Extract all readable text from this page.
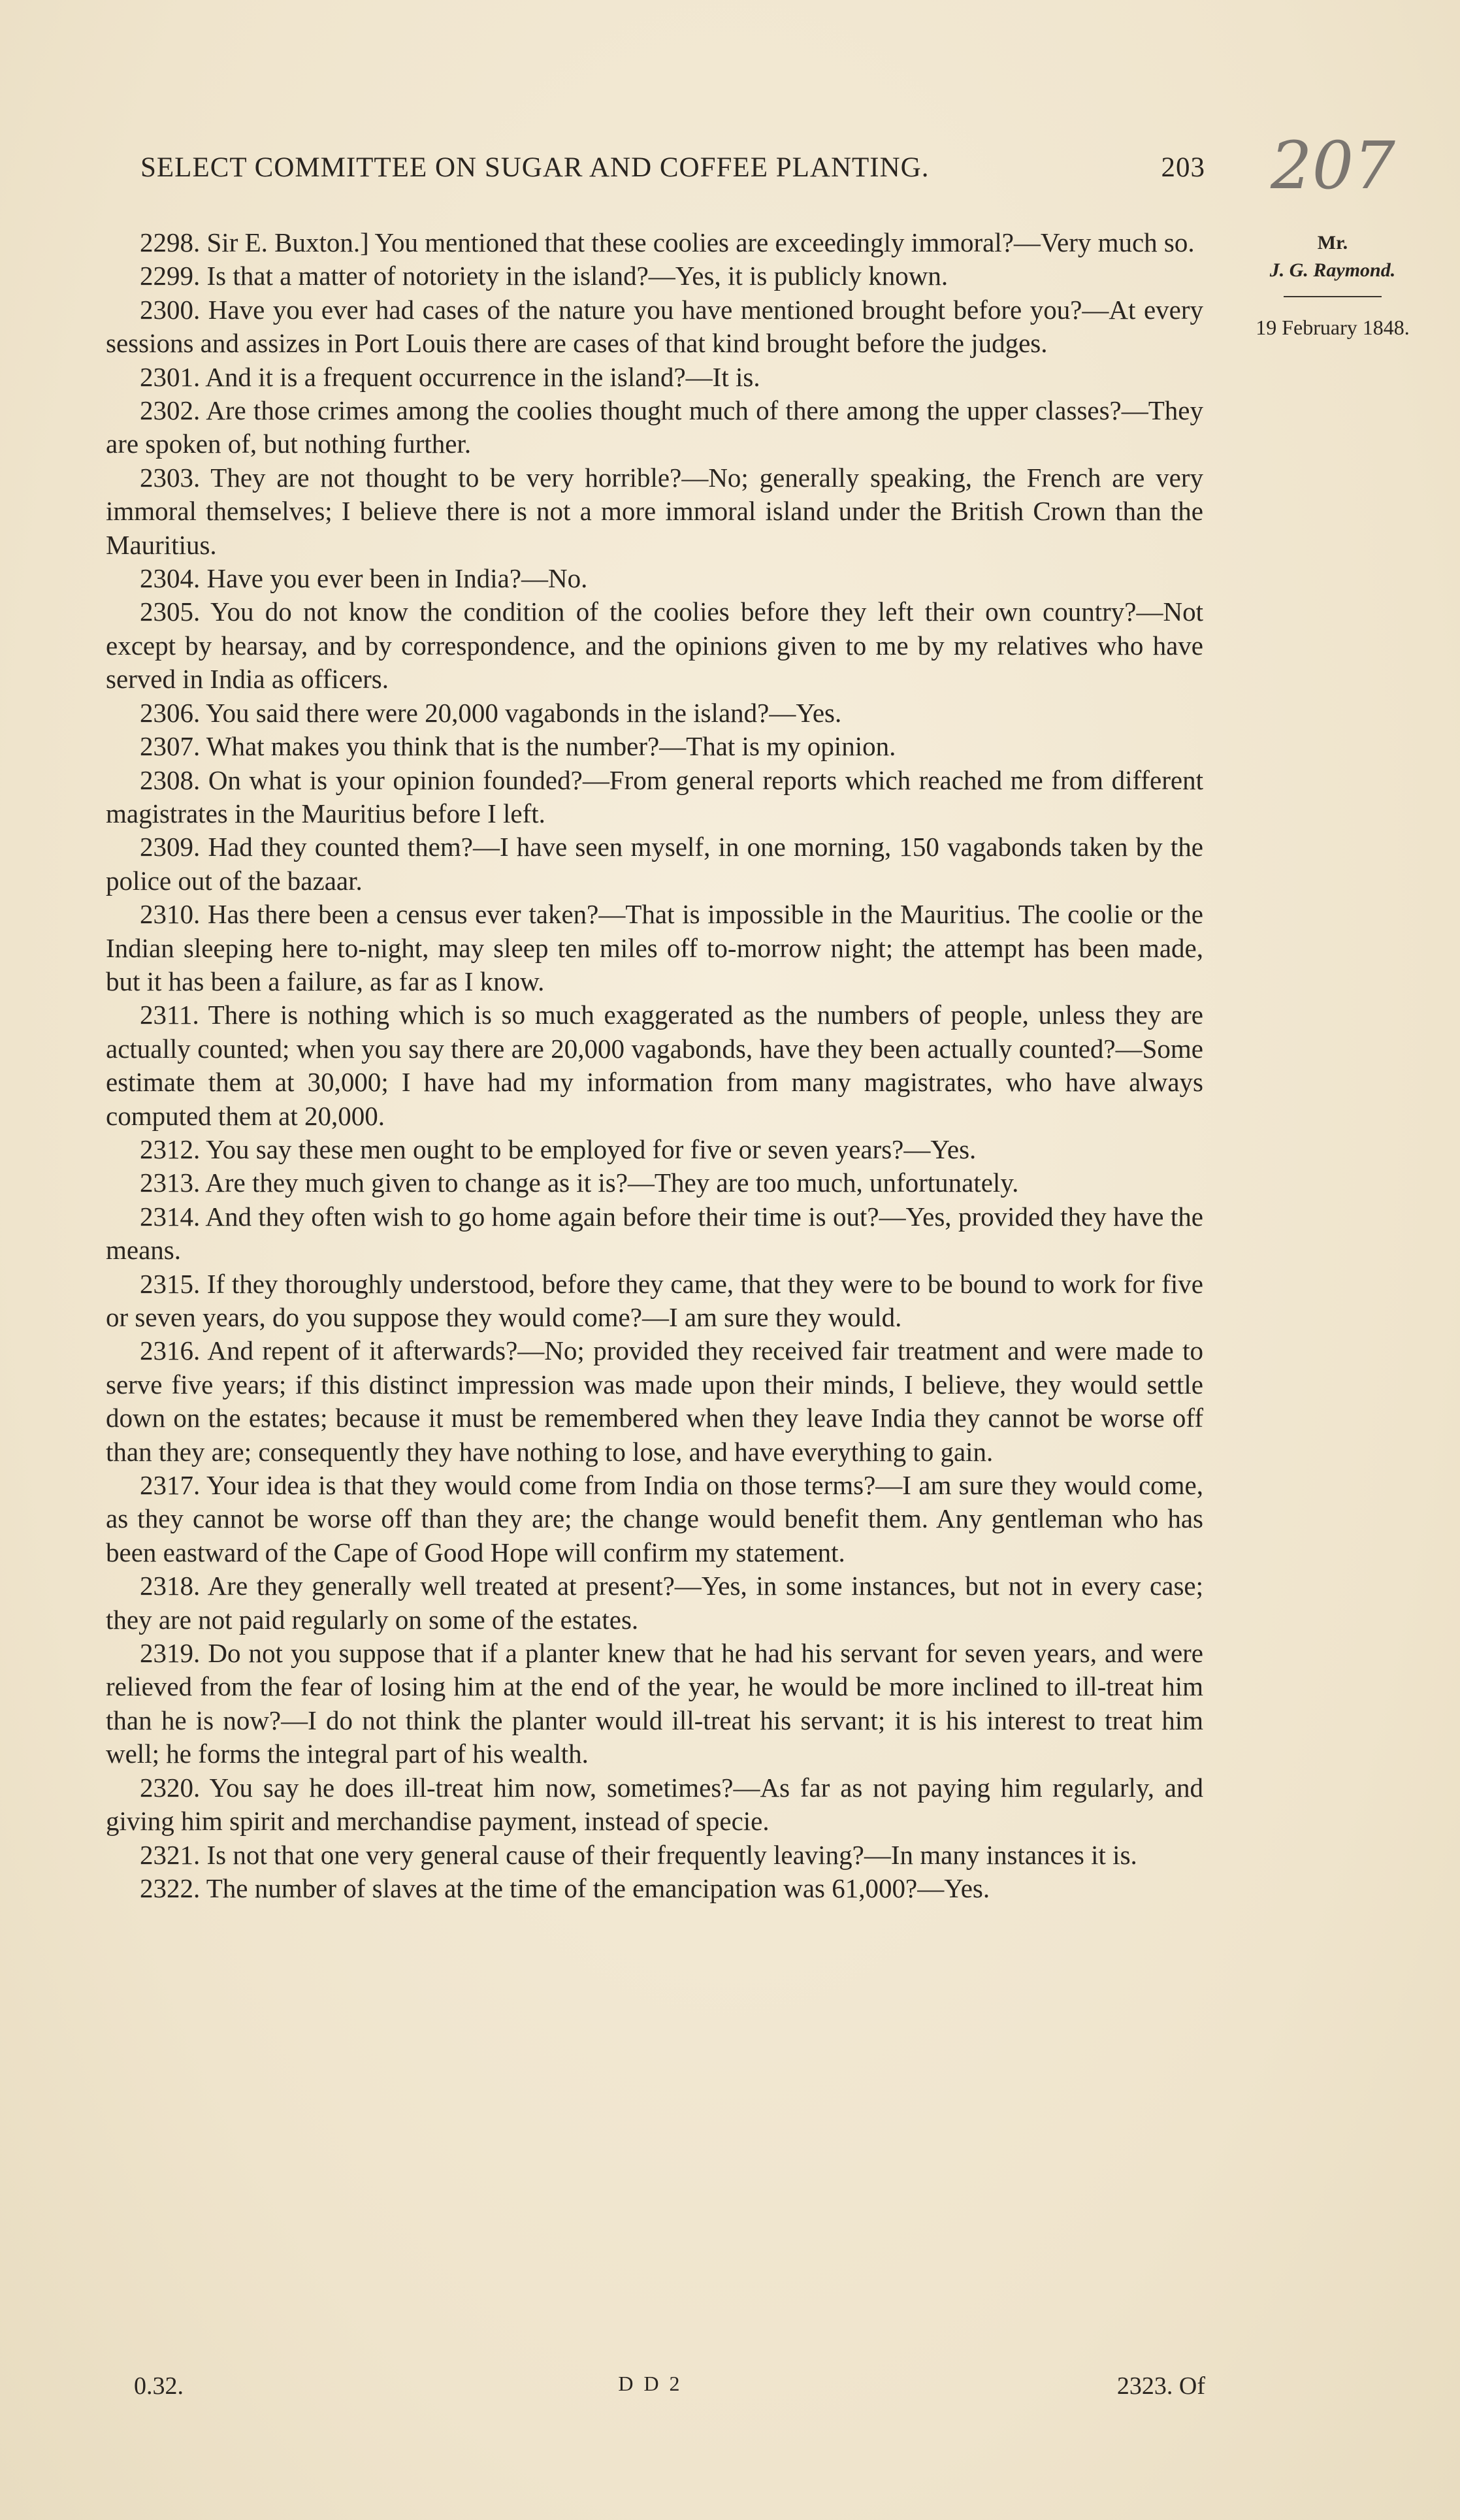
SELECT COMMITTEE ON SUGAR AND COFFEE PLANTING.	203 207
Mr.
J. G. Raymond.
19 February 1848.

2298. Sir E. Buxton.] You mentioned that these coolies are exceedingly immoral?—Very much so.

2299. Is that a matter of notoriety in the island?—Yes, it is publicly known.

2300. Have you ever had cases of the nature you have mentioned brought before you?—At every sessions and assizes in Port Louis there are cases of that kind brought before the judges.

2301. And it is a frequent occurrence in the island?—It is.

2302. Are those crimes among the coolies thought much of there among the upper classes?—They are spoken of, but nothing further.

2303. They are not thought to be very horrible?—No; generally speaking, the French are very immoral themselves; I believe there is not a more immoral island under the British Crown than the Mauritius.

2304. Have you ever been in India?—No.

2305. You do not know the condition of the coolies before they left their own country?—Not except by hearsay, and by correspondence, and the opinions given to me by my relatives who have served in India as officers.

2306. You said there were 20,000 vagabonds in the island?—Yes.

2307. What makes you think that is the number?—That is my opinion.

2308. On what is your opinion founded?—From general reports which reached me from different magistrates in the Mauritius before I left.

2309. Had they counted them?—I have seen myself, in one morning, 150 vagabonds taken by the police out of the bazaar.

2310. Has there been a census ever taken?—That is impossible in the Mauritius. The coolie or the Indian sleeping here to-night, may sleep ten miles off to-morrow night; the attempt has been made, but it has been a failure, as far as I know.

2311. There is nothing which is so much exaggerated as the numbers of people, unless they are actually counted; when you say there are 20,000 vagabonds, have they been actually counted?—Some estimate them at 30,000; I have had my information from many magistrates, who have always computed them at 20,000.

2312. You say these men ought to be employed for five or seven years?—Yes.

2313. Are they much given to change as it is?—They are too much, unfortunately.

2314. And they often wish to go home again before their time is out?—Yes, provided they have the means.

2315. If they thoroughly understood, before they came, that they were to be bound to work for five or seven years, do you suppose they would come?—I am sure they would.

2316. And repent of it afterwards?—No; provided they received fair treatment and were made to serve five years; if this distinct impression was made upon their minds, I believe, they would settle down on the estates; because it must be remembered when they leave India they cannot be worse off than they are; consequently they have nothing to lose, and have everything to gain.

2317. Your idea is that they would come from India on those terms?—I am sure they would come, as they cannot be worse off than they are; the change would benefit them. Any gentleman who has been eastward of the Cape of Good Hope will confirm my statement.

2318. Are they generally well treated at present?—Yes, in some instances, but not in every case; they are not paid regularly on some of the estates.

2319. Do not you suppose that if a planter knew that he had his servant for seven years, and were relieved from the fear of losing him at the end of the year, he would be more inclined to ill-treat him than he is now?—I do not think the planter would ill-treat his servant; it is his interest to treat him well; he forms the integral part of his wealth.

2320. You say he does ill-treat him now, sometimes?—As far as not paying him regularly, and giving him spirit and merchandise payment, instead of specie.

2321. Is not that one very general cause of their frequently leaving?—In many instances it is.

2322. The number of slaves at the time of the emancipation was 61,000?—Yes.

0.32.	D D 2	2323. Of
